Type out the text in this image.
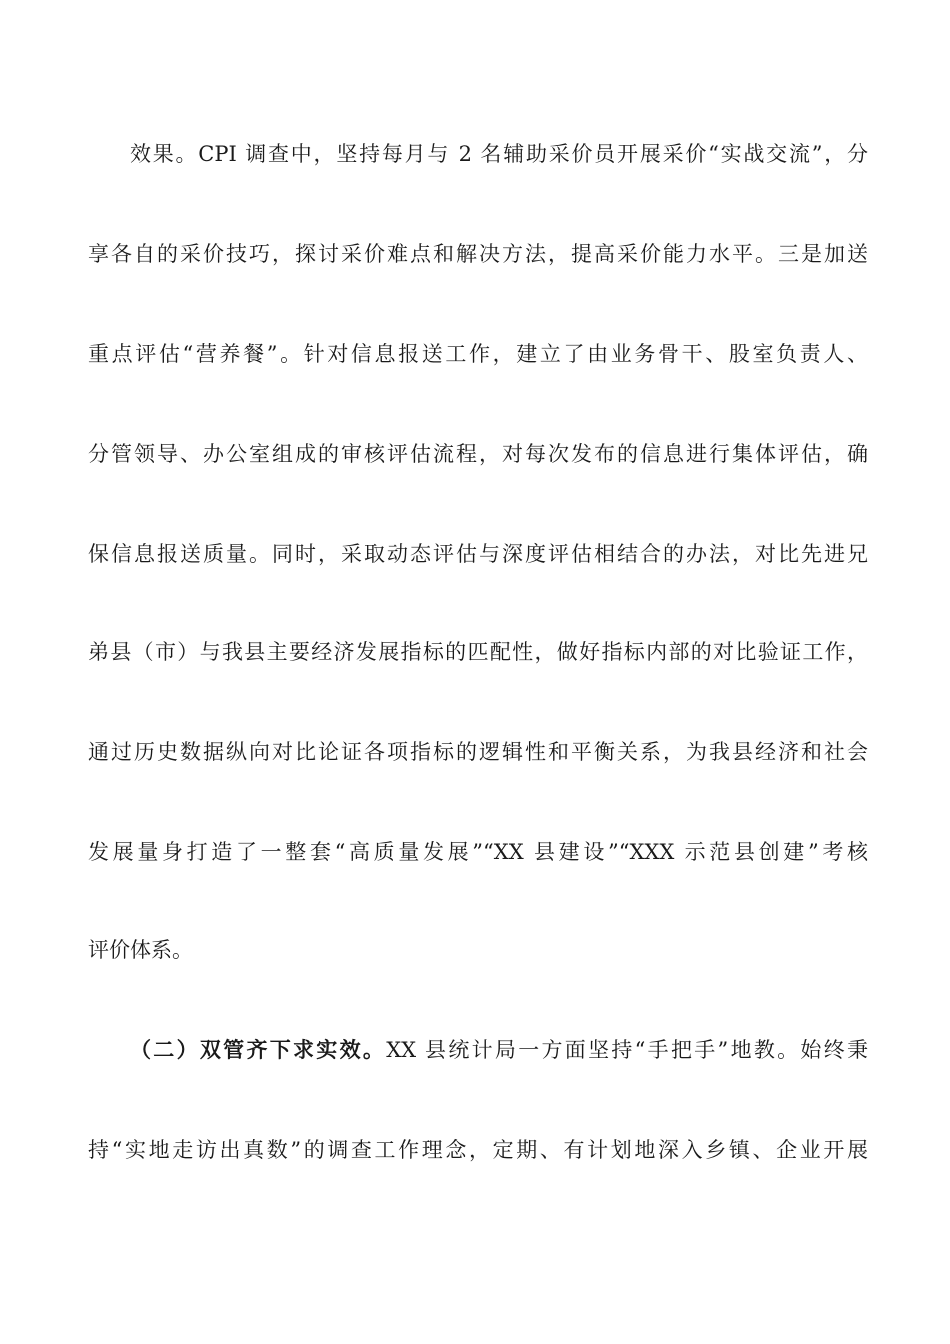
效果。CPI 调查中，坚持每月与 2 名辅助采价员开展采价“实战交流”，分
享各自的采价技巧，探讨采价难点和解决方法，提高采价能力水平。三是加送
重点评估“营养餐”。针对信息报送工作，建立了由业务骨干、股室负责人、
分管领导、办公室组成的审核评估流程，对每次发布的信息进行集体评估，确
保信息报送质量。同时，采取动态评估与深度评估相结合的办法，对比先进兄
弟县（市）与我县主要经济发展指标的匹配性，做好指标内部的对比验证工作，
通过历史数据纵向对比论证各项指标的逻辑性和平衡关系，为我县经济和社会
发展量身打造了一整套“高质量发展”“XX 县建设”“XXX 示范县创建”考核
评价体系。
（二）双管齐下求实效。XX 县统计局一方面坚持“手把手”地教。始终秉
持“实地走访出真数”的调查工作理念，定期、有计划地深入乡镇、企业开展
